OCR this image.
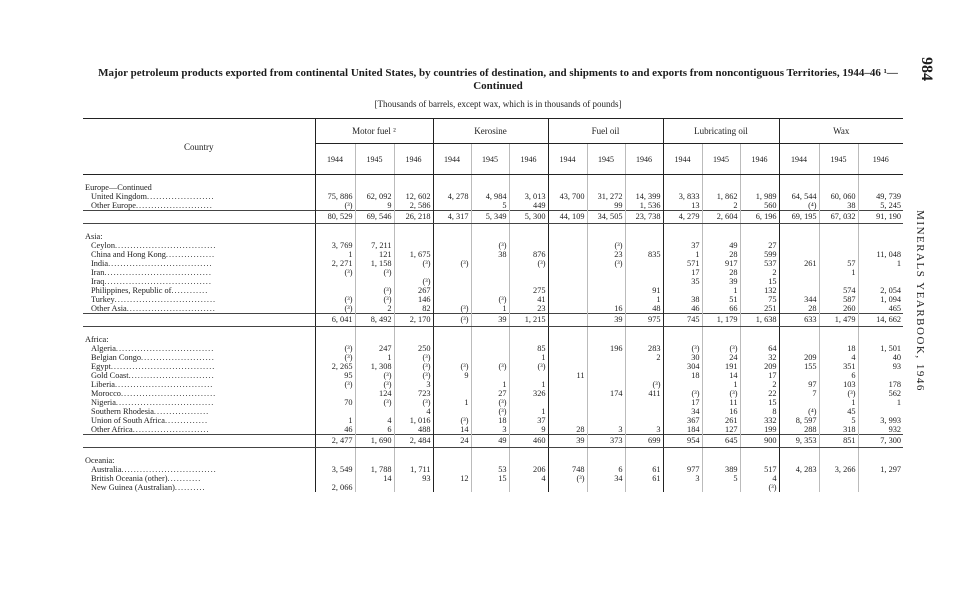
Major petroleum products exported from continental United States, by countries of destination, and shipments to and exports from noncontiguous Territories, 1944–46 ¹—Continued
[Thousands of barrels, except wax, which is in thousands of pounds]
984
MINERALS YEARBOOK, 1946
Country	Motor fuel ²			Kerosine			Fuel oil			Lubricating oil			Wax		
	1944	1945	1946	1944	1945	1946	1944	1945	1946	1944	1945	1946	1944	1945	1946
Europe—Continued															
United Kingdom......................	75, 886	62, 092	12, 602	4, 278	4, 984	3, 013	43, 700	31, 272	14, 399	3, 833	1, 862	1, 989	64, 544	60, 060	49, 739
Other Europe.........................	(³)	9	2, 586		5	449		99	1, 536	13	2	560	(⁴)	38	5, 245
	80, 529	69, 546	26, 218	4, 317	5, 349	5, 300	44, 109	34, 505	23, 738	4, 279	2, 604	6, 196	69, 195	67, 032	91, 190
Asia:															
Ceylon.................................	3, 769	7, 211			(³)			(³)		37	49	27			
China and Hong Kong................	1	121	1, 675		38	876		23	835	1	28	599			11, 048
India..................................	2, 271	1, 158	(³)	(³)		(³)		(³)		571	917	537	261	57	1
Iran...................................	(³)	(³)								17	28	2		1	
Iraq...................................			(³)							35	39	15			
Philippines, Republic of............		(³)	267			275			91		1	132		574	2, 054
Turkey.................................	(³)	(³)	146		(³)	41			1	38	51	75	344	587	1, 094
Other Asia.............................	(³)	2	82	(³)	1	23		16	48	46	66	251	28	260	465
	6, 041	8, 492	2, 170	(³)	39	1, 215		39	975	745	1, 179	1, 638	633	1, 479	14, 662
Africa:															
Algeria................................	(³)	247	250			85		196	283	(³)	(³)	64		18	1, 501
Belgian Congo........................	(³)	1	(³)			1			2	30	24	32	209	4	40
Egypt..................................	2, 265	1, 308	(³)	(³)	(³)	(³)				304	191	209	155	351	93
Gold Coast............................	95	(³)	(³)	9			11			18	14	17		6	
Liberia................................	(³)	(³)	3		1	1			(³)		1	2	97	103	178
Morocco...............................		124	723		27	326		174	411	(³)	(³)	22	7	(³)	562
Nigeria................................	70	(³)	(³)	1	(³)					17	11	15		1	1
Southern Rhodesia..................			4		(³)	1				34	16	8	(⁴)	45	
Union of South Africa..............	1	4	1, 016	(³)	18	37				367	261	332	8, 597	5	3, 993
Other Africa.........................	46	6	488	14	3	9	28	3	3	184	127	199	288	318	932
	2, 477	1, 690	2, 484	24	49	460	39	373	699	954	645	900	9, 353	851	7, 300
Oceania:															
Australia...............................	3, 549	1, 788	1, 711		53	206	748	6	61	977	389	517	4, 283	3, 266	1, 297
British Oceania (other)...........		14	93	12	15	4	(³)	34	61	3	5	4			
New Guinea (Australian)..........	2, 066											(³)			
